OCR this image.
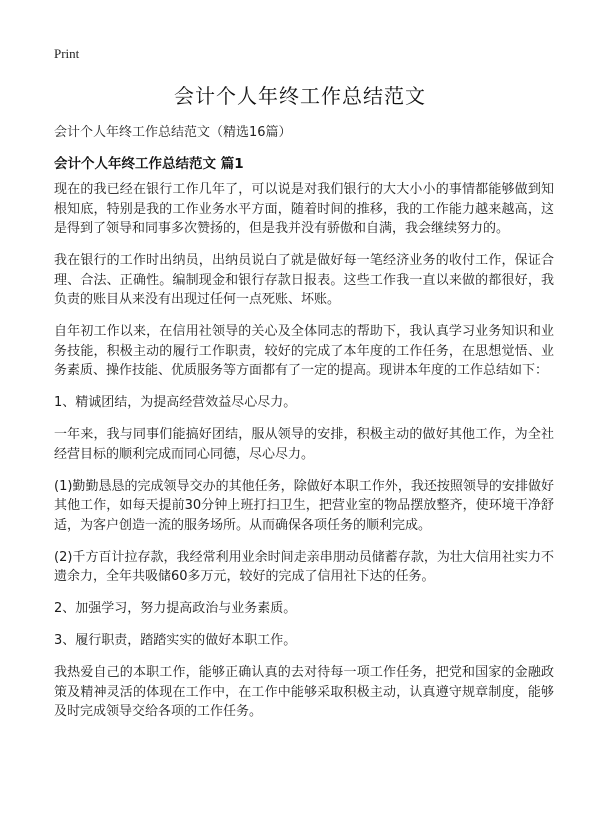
Print
会计个人年终工作总结范文
会计个人年终工作总结范文（精选16篇）
会计个人年终工作总结范文 篇1

现在的我已经在银行工作几年了，可以说是对我们银行的大大小小的事情都能够做到知根知底，特别是我的工作业务水平方面，随着时间的推移，我的工作能力越来越高，这是得到了领导和同事多次赞扬的，但是我并没有骄傲和自满，我会继续努力的。

我在银行的工作时出纳员，出纳员说白了就是做好每一笔经济业务的收付工作，保证合理、合法、正确性。编制现金和银行存款日报表。这些工作我一直以来做的都很好，我负责的账目从来没有出现过任何一点死账、坏账。

自年初工作以来，在信用社领导的关心及全体同志的帮助下，我认真学习业务知识和业务技能，积极主动的履行工作职责，较好的完成了本年度的工作任务，在思想觉悟、业务素质、操作技能、优质服务等方面都有了一定的提高。现讲本年度的工作总结如下：

1、精诚团结，为提高经营效益尽心尽力。

一年来，我与同事们能搞好团结，服从领导的安排，积极主动的做好其他工作，为全社经营目标的顺利完成而同心同德，尽心尽力。

(1)勤勤恳恳的完成领导交办的其他任务，除做好本职工作外，我还按照领导的安排做好其他工作，如每天提前30分钟上班打扫卫生，把营业室的物品摆放整齐，使环境干净舒适，为客户创造一流的服务场所。从而确保各项任务的顺利完成。

(2)千方百计拉存款，我经常利用业余时间走亲串朋动员储蓄存款，为壮大信用社实力不遗余力，全年共吸储60多万元，较好的完成了信用社下达的任务。

2、加强学习，努力提高政治与业务素质。

3、履行职责，踏踏实实的做好本职工作。

我热爱自己的本职工作，能够正确认真的去对待每一项工作任务，把党和国家的金融政策及精神灵活的体现在工作中，在工作中能够采取积极主动，认真遵守规章制度，能够及时完成领导交给各项的工作任务。
